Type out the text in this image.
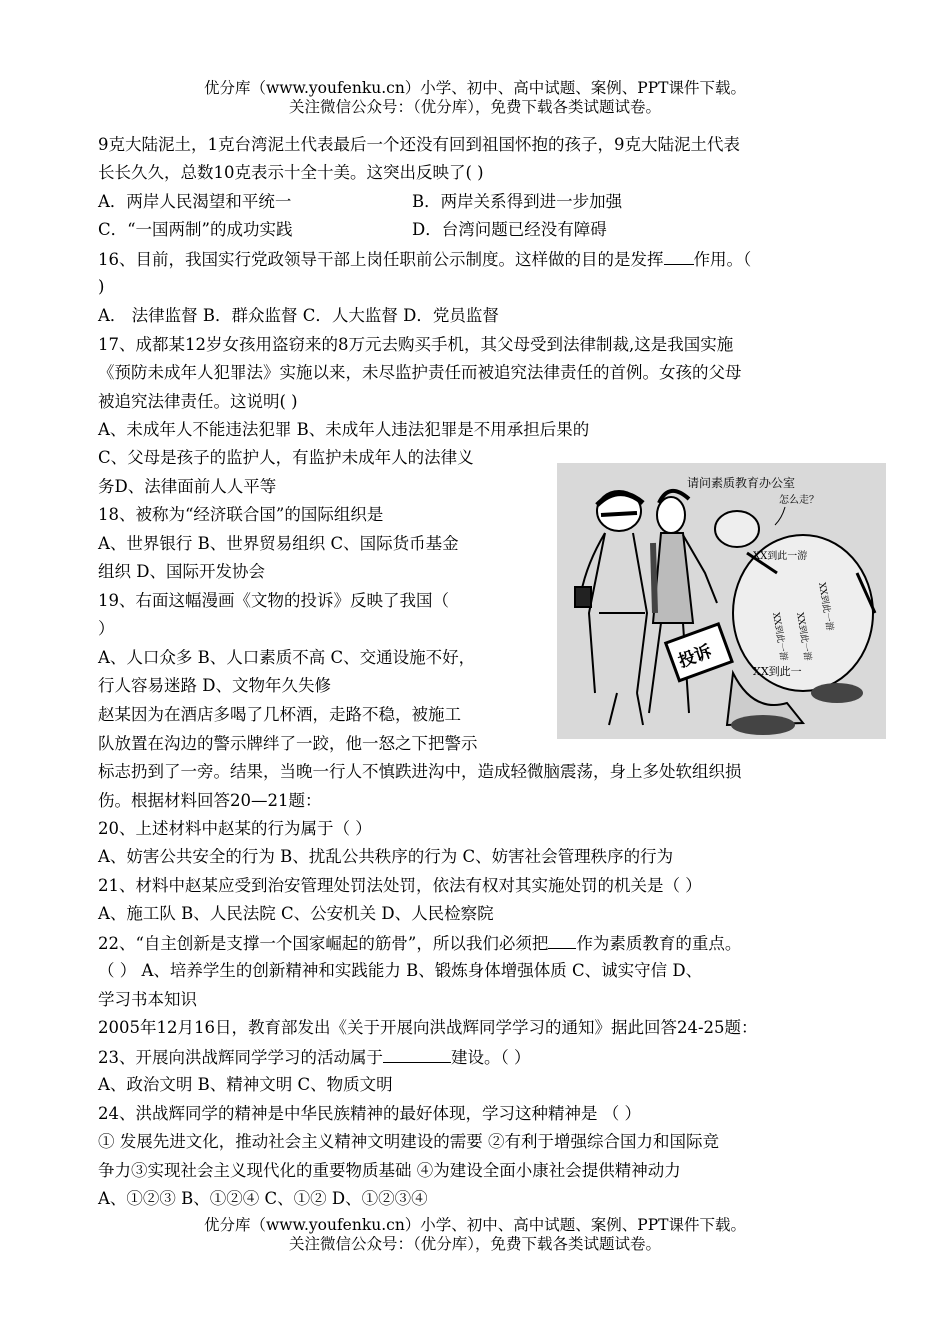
优分库（www.youfenku.cn）小学、初中、高中试题、案例、PPT课件下载。
关注微信公众号：（优分库），免费下载各类试题试卷。
9克大陆泥土，1克台湾泥土代表最后一个还没有回到祖国怀抱的孩子，9克大陆泥土代表
长长久久，总数10克表示十全十美。这突出反映了( )
A．两岸人民渴望和平统一	B．两岸关系得到进一步加强
C．“一国两制”的成功实践	D．台湾问题已经没有障碍
16、目前，我国实行党政领导干部上岗任职前公示制度。这样做的目的是发挥 作用。（
)
A． 法律监督 B．群众监督 C．人大监督 D．党员监督
17、成都某12岁女孩用盗窃来的8万元去购买手机，其父母受到法律制裁,这是我国实施
《预防未成年人犯罪法》实施以来，未尽监护责任而被追究法律责任的首例。女孩的父母
被追究法律责任。这说明( )
A、未成年人不能违法犯罪 B、未成年人违法犯罪是不用承担后果的
C、父母是孩子的监护人，有监护未成年人的法律义
务D、法律面前人人平等
18、被称为“经济联合国”的国际组织是
A、世界银行 B、世界贸易组织 C、国际货币基金
组织 D、国际开发协会
19、右面这幅漫画《文物的投诉》反映了我国（
）
A、人口众多 B、人口素质不高 C、交通设施不好，
行人容易迷路 D、文物年久失修
请问素质教育办公室
怎么走？
XX到此一游
XX到此一游 XX到此一游
XX到此一游
投诉	XX到此一
赵某因为在酒店多喝了几杯酒，走路不稳，被施工
队放置在沟边的警示牌绊了一跤，他一怒之下把警示
标志扔到了一旁。结果，当晚一行人不慎跌进沟中，造成轻微脑震荡，身上多处软组织损
伤。根据材料回答20—21题：
20、上述材料中赵某的行为属于（ ）
A、妨害公共安全的行为 B、扰乱公共秩序的行为 C、妨害社会管理秩序的行为
21、材料中赵某应受到治安管理处罚法处罚，依法有权对其实施处罚的机关是（ ）
A、施工队 B、人民法院 C、公安机关 D、人民检察院
22、“自主创新是支撑一个国家崛起的筋骨”，所以我们必须把 作为素质教育的重点。
（ ） A、培养学生的创新精神和实践能力 B、锻炼身体增强体质 C、诚实守信 D、
学习书本知识
2005年12月16日，教育部发出《关于开展向洪战辉同学学习的通知》据此回答24-25题：
23、开展向洪战辉同学学习的活动属于	建设。（ ）
A、政治文明 B、精神文明 C、物质文明
24、洪战辉同学的精神是中华民族精神的最好体现，学习这种精神是 （ ）
① 发展先进文化，推动社会主义精神文明建设的需要 ②有利于增强综合国力和国际竞
争力③实现社会主义现代化的重要物质基础 ④为建设全面小康社会提供精神动力
A、①②③ B、①②④ C、①② D、①②③④
优分库（www.youfenku.cn）小学、初中、高中试题、案例、PPT课件下载。
关注微信公众号：（优分库），免费下载各类试题试卷。
